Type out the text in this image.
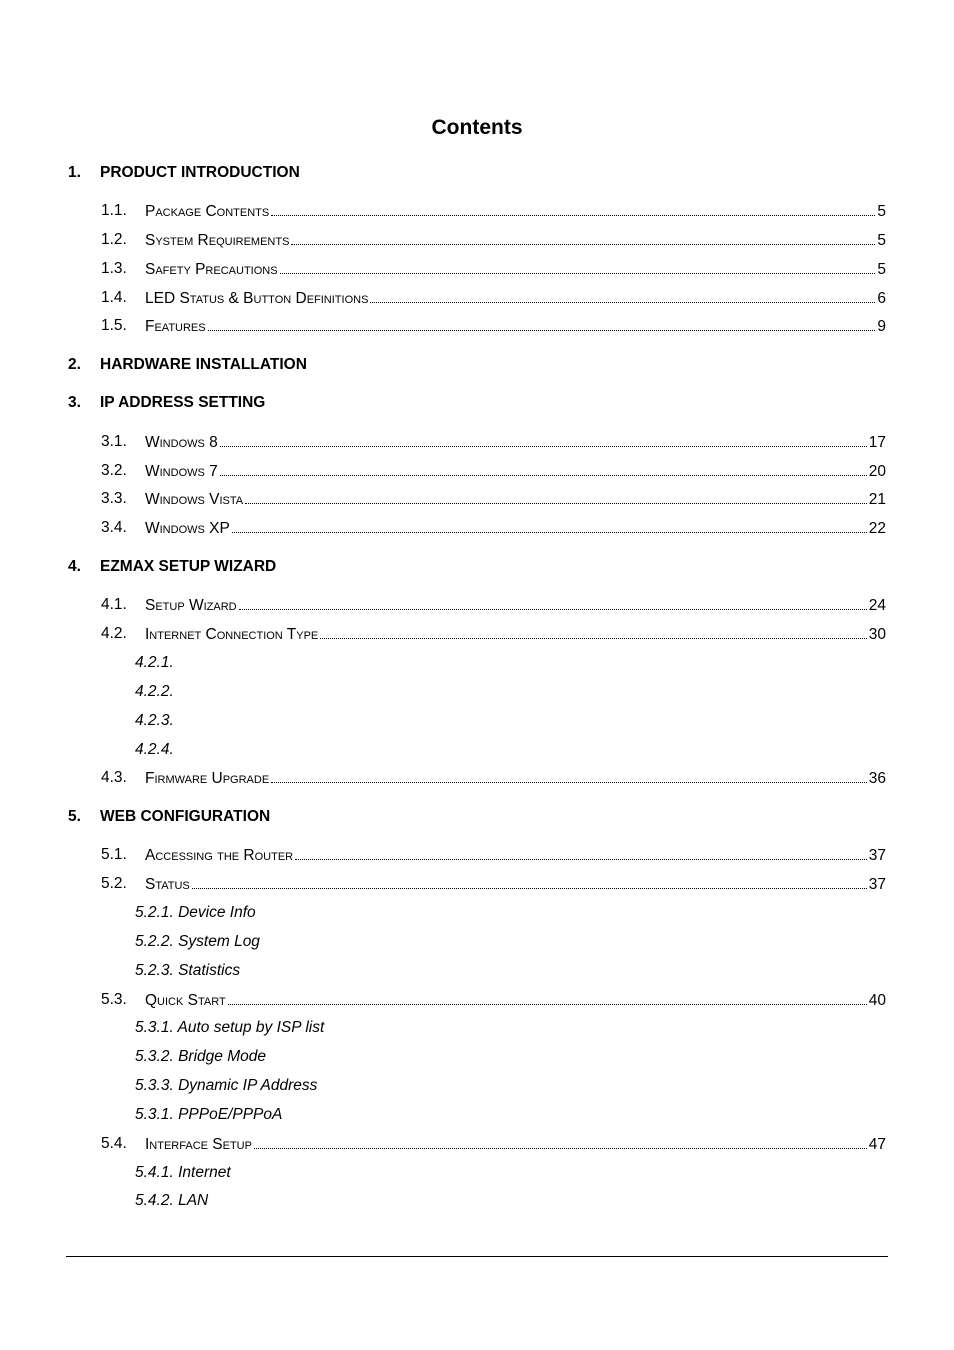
Contents
1. PRODUCT INTRODUCTION
1.1. Package Contents	5
1.2. System Requirements	5
1.3. Safety Precautions	5
1.4. LED Status & Button Definitions	6
1.5. Features	9
2. HARDWARE INSTALLATION
3. IP ADDRESS SETTING
3.1. Windows 8	17
3.2. Windows 7	20
3.3. Windows Vista	21
3.4. Windows XP	22
4. EZMAX SETUP WIZARD
4.1. Setup Wizard	24
4.2. Internet Connection Type	30
4.2.1.
4.2.2.
4.2.3.
4.2.4.
4.3. Firmware Upgrade	36
5. WEB CONFIGURATION
5.1. Accessing the Router	37
5.2. Status	37
5.2.1. Device Info
5.2.2. System Log
5.2.3. Statistics
5.3. Quick Start	40
5.3.1. Auto setup by ISP list
5.3.2. Bridge Mode
5.3.3. Dynamic IP Address
5.3.1. PPPoE/PPPoA
5.4. Interface Setup	47
5.4.1. Internet
5.4.2. LAN
